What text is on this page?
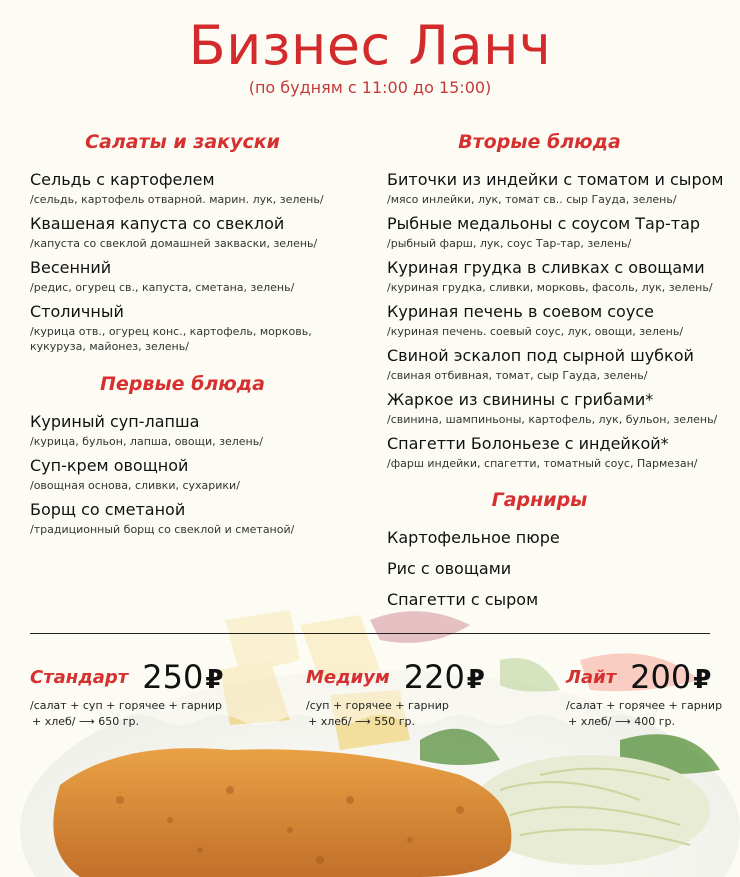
Бизнес Ланч
(по будням с 11:00 до 15:00)
Салаты и закуски
Сельдь с картофелем
/сельдь, картофель отварной. марин. лук, зелень/
Квашеная капуста со свеклой
/капуста со свеклой домашней закваски, зелень/
Весенний
/редис, огурец св., капуста, сметана, зелень/
Столичный
/курица отв., огурец конс., картофель, морковь, кукуруза, майонез, зелень/
Первые блюда
Куриный суп-лапша
/курица, бульон, лапша, овощи, зелень/
Суп-крем овощной
/овощная основа, сливки, сухарики/
Борщ со сметаной
/традиционный борщ со свеклой и сметаной/
Вторые блюда
Биточки из индейки с томатом и сыром
/мясо инлейки, лук, томат св.. сыр Гауда, зелень/
Рыбные медальоны с соусом Тар-тар
/рыбный фарш, лук, соус Тар-тар, зелень/
Куриная грудка в сливках с овощами
/куриная грудка, сливки, морковь, фасоль, лук, зелень/
Куриная печень в соевом соусе
/куриная печень. соевый соус, лук, овощи, зелень/
Свиной эскалоп под сырной шубкой
/свиная отбивная, томат, сыр Гауда, зелень/
Жаркое из свинины с грибами*
/свинина, шампиньоны, картофель, лук, бульон, зелень/
Спагетти Болоньезе с индейкой*
/фарш индейки, спагетти, томатный соус, Пармезан/
Гарниры
Картофельное пюре
Рис с овощами
Спагетти с сыром
Стандарт 250₽
/салат + суп + горячее + гарнир
+ хлеб/ ⟶ 650 гр.
Медиум 220₽
/суп + горячее + гарнир
+ хлеб/ ⟶ 550 гр.
Лайт 200₽
/салат + горячее + гарнир
+ хлеб/ ⟶ 400 гр.
